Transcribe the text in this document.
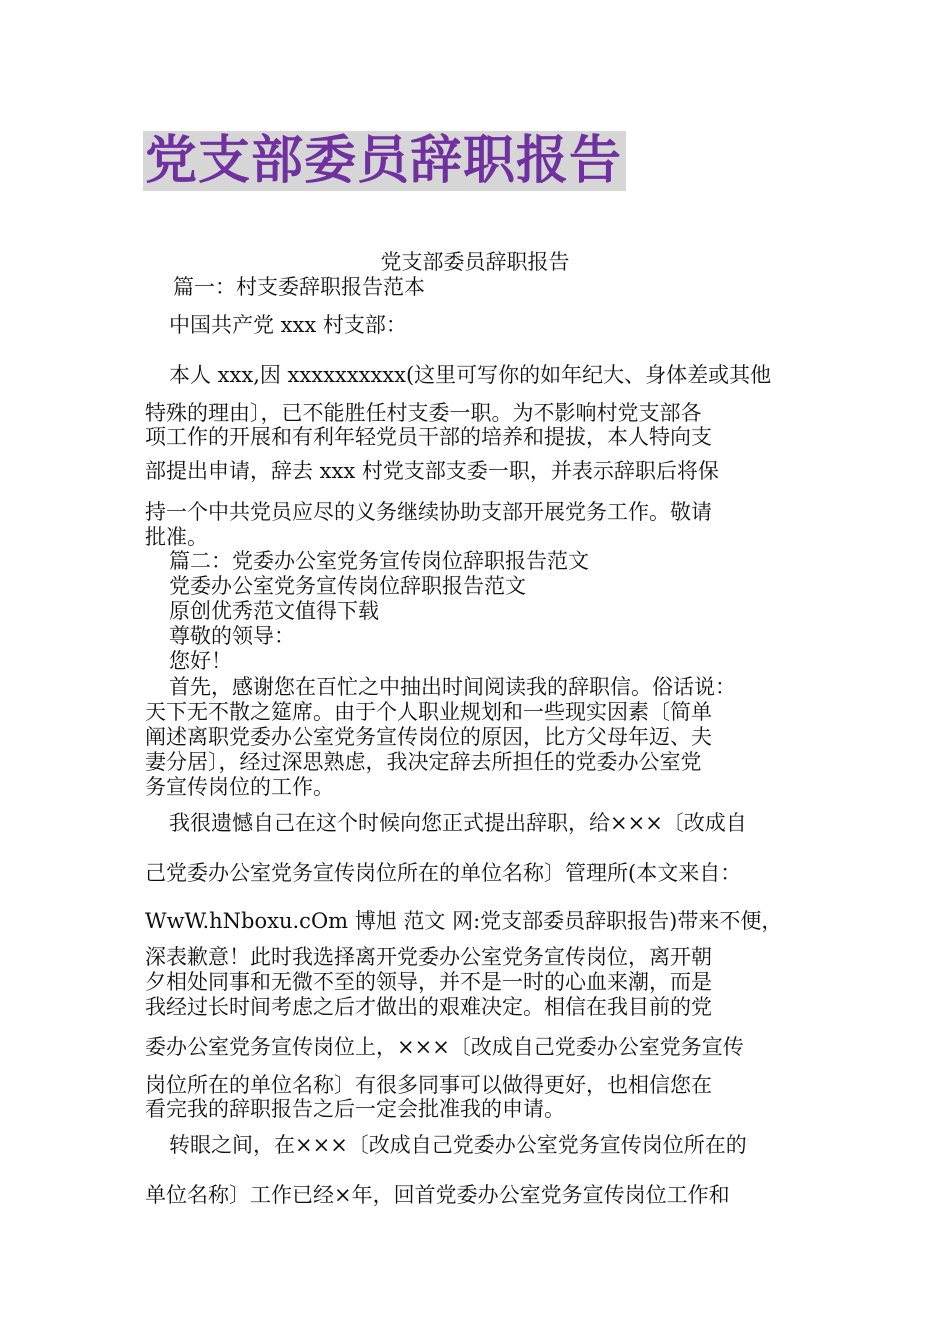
党支部委员辞职报告
党支部委员辞职报告
篇一：村支委辞职报告范本
中国共产党 xxx 村支部：
本人 xxx,因 xxxxxxxxxx(这里可写你的如年纪大、身体差或其他
特殊的理由〕，已不能胜任村支委一职。为不影响村党支部各
项工作的开展和有利年轻党员干部的培养和提拔，本人特向支
部提出申请，辞去 xxx 村党支部支委一职，并表示辞职后将保
持一个中共党员应尽的义务继续协助支部开展党务工作。敬请
批准。
篇二：党委办公室党务宣传岗位辞职报告范文
党委办公室党务宣传岗位辞职报告范文
原创优秀范文值得下载
尊敬的领导：
您好！
首先，感谢您在百忙之中抽出时间阅读我的辞职信。俗话说：
天下无不散之筵席。由于个人职业规划和一些现实因素〔简单
阐述离职党委办公室党务宣传岗位的原因，比方父母年迈、夫
妻分居〕，经过深思熟虑，我决定辞去所担任的党委办公室党
务宣传岗位的工作。
我很遗憾自己在这个时候向您正式提出辞职，给×××〔改成自
己党委办公室党务宣传岗位所在的单位名称〕管理所(本文来自：
WwW.hNboxu.cOm 博旭 范文 网:党支部委员辞职报告)带来不便，
深表歉意！此时我选择离开党委办公室党务宣传岗位，离开朝
夕相处同事和无微不至的领导，并不是一时的心血来潮，而是
我经过长时间考虑之后才做出的艰难决定。相信在我目前的党
委办公室党务宣传岗位上，×××〔改成自己党委办公室党务宣传
岗位所在的单位名称〕有很多同事可以做得更好，也相信您在
看完我的辞职报告之后一定会批准我的申请。
转眼之间，在×××〔改成自己党委办公室党务宣传岗位所在的
单位名称〕工作已经×年，回首党委办公室党务宣传岗位工作和
